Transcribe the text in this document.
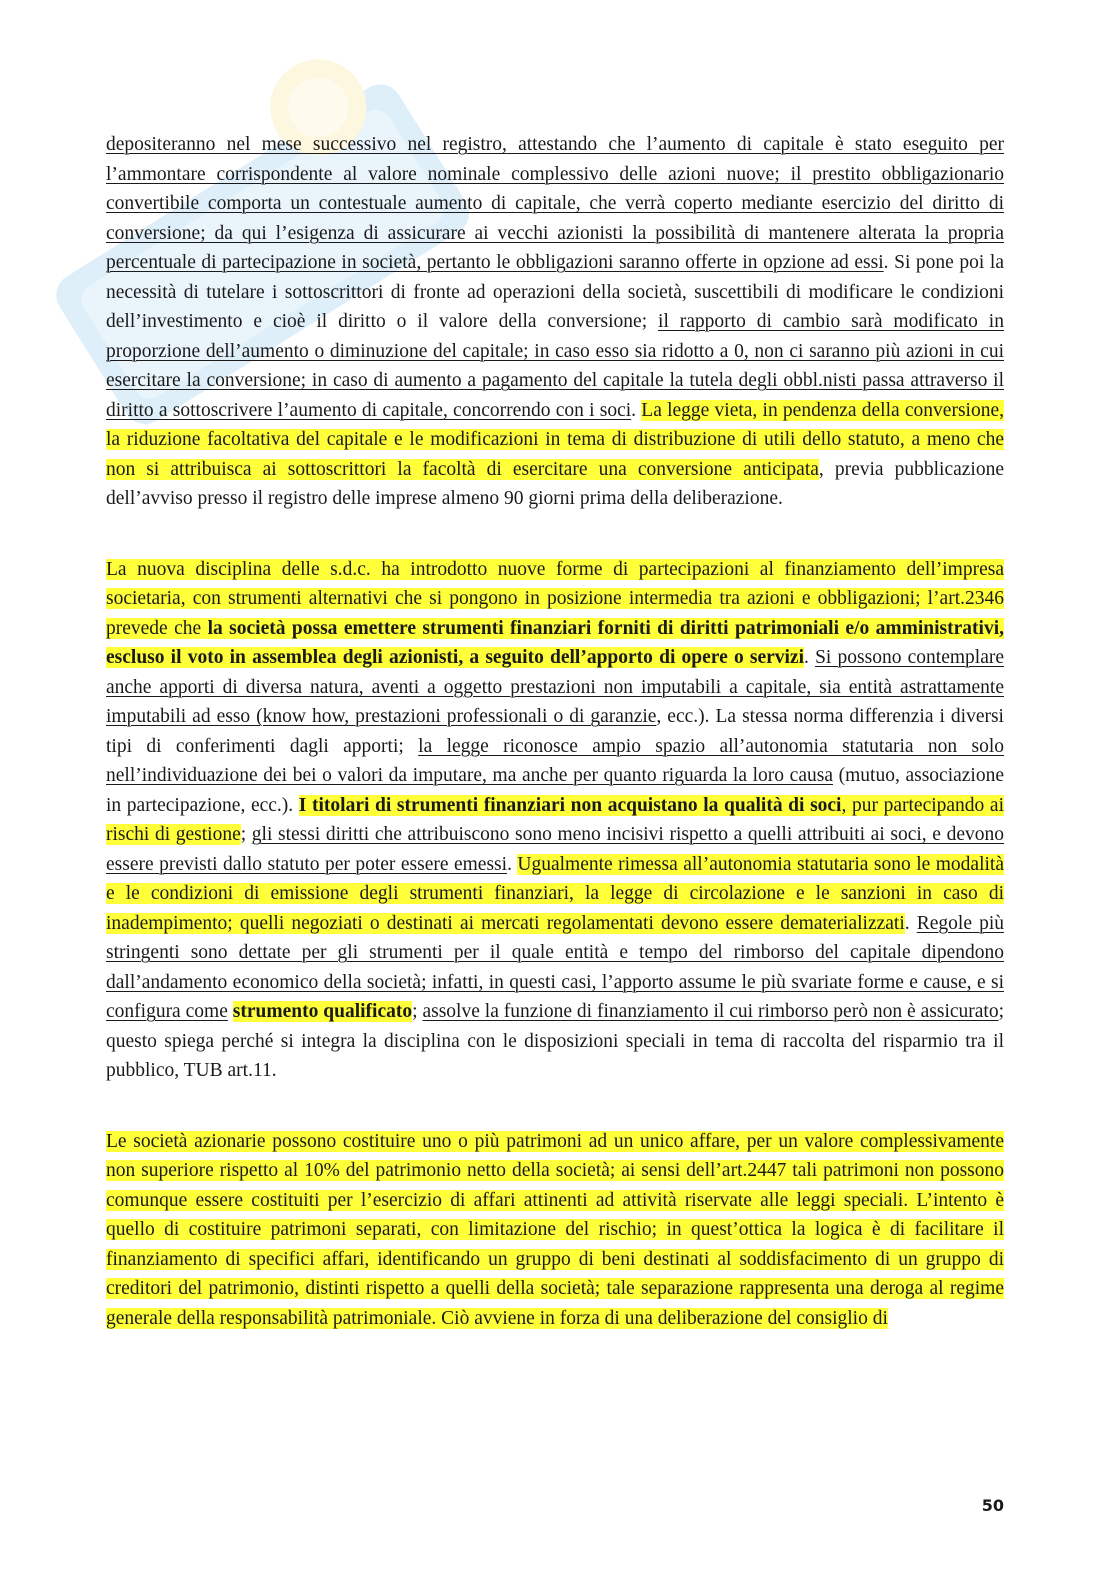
depositeranno nel mese successivo nel registro, attestando che l’aumento di capitale è stato eseguito per l’ammontare corrispondente al valore nominale complessivo delle azioni nuove; il prestito obbligazionario convertibile comporta un contestuale aumento di capitale, che verrà coperto mediante esercizio del diritto di conversione; da qui l’esigenza di assicurare ai vecchi azionisti la possibilità di mantenere alterata la propria percentuale di partecipazione in società, pertanto le obbligazioni saranno offerte in opzione ad essi. Si pone poi la necessità di tutelare i sottoscrittori di fronte ad operazioni della società, suscettibili di modificare le condizioni dell’investimento e cioè il diritto o il valore della conversione; il rapporto di cambio sarà modificato in proporzione dell’aumento o diminuzione del capitale; in caso esso sia ridotto a 0, non ci saranno più azioni in cui esercitare la conversione; in caso di aumento a pagamento del capitale la tutela degli obbl.nisti passa attraverso il diritto a sottoscrivere l’aumento di capitale, concorrendo con i soci. La legge vieta, in pendenza della conversione, la riduzione facoltativa del capitale e le modificazioni in tema di distribuzione di utili dello statuto, a meno che non si attribuisca ai sottoscrittori la facoltà di esercitare una conversione anticipata, previa pubblicazione dell’avviso presso il registro delle imprese almeno 90 giorni prima della deliberazione.

La nuova disciplina delle s.d.c. ha introdotto nuove forme di partecipazioni al finanziamento dell’impresa societaria, con strumenti alternativi che si pongono in posizione intermedia tra azioni e obbligazioni; l’art.2346 prevede che la società possa emettere strumenti finanziari forniti di diritti patrimoniali e/o amministrativi, escluso il voto in assemblea degli azionisti, a seguito dell’apporto di opere o servizi. Si possono contemplare anche apporti di diversa natura, aventi a oggetto prestazioni non imputabili a capitale, sia entità astrattamente imputabili ad esso (know how, prestazioni professionali o di garanzie, ecc.). La stessa norma differenzia i diversi tipi di conferimenti dagli apporti; la legge riconosce ampio spazio all’autonomia statutaria non solo nell’individuazione dei bei o valori da imputare, ma anche per quanto riguarda la loro causa (mutuo, associazione in partecipazione, ecc.). I titolari di strumenti finanziari non acquistano la qualità di soci, pur partecipando ai rischi di gestione; gli stessi diritti che attribuiscono sono meno incisivi rispetto a quelli attribuiti ai soci, e devono essere previsti dallo statuto per poter essere emessi. Ugualmente rimessa all’autonomia statutaria sono le modalità e le condizioni di emissione degli strumenti finanziari, la legge di circolazione e le sanzioni in caso di inadempimento; quelli negoziati o destinati ai mercati regolamentati devono essere dematerializzati. Regole più stringenti sono dettate per gli strumenti per il quale entità e tempo del rimborso del capitale dipendono dall’andamento economico della società; infatti, in questi casi, l’apporto assume le più svariate forme e cause, e si configura come strumento qualificato; assolve la funzione di finanziamento il cui rimborso però non è assicurato; questo spiega perché si integra la disciplina con le disposizioni speciali in tema di raccolta del risparmio tra il pubblico, TUB art.11.

Le società azionarie possono costituire uno o più patrimoni ad un unico affare, per un valore complessivamente non superiore rispetto al 10% del patrimonio netto della società; ai sensi dell’art.2447 tali patrimoni non possono comunque essere costituiti per l’esercizio di affari attinenti ad attività riservate alle leggi speciali. L’intento è quello di costituire patrimoni separati, con limitazione del rischio; in quest’ottica la logica è di facilitare il finanziamento di specifici affari, identificando un gruppo di beni destinati al soddisfacimento di un gruppo di creditori del patrimonio, distinti rispetto a quelli della società; tale separazione rappresenta una deroga al regime generale della responsabilità patrimoniale. Ciò avviene in forza di una deliberazione del consiglio di

50
